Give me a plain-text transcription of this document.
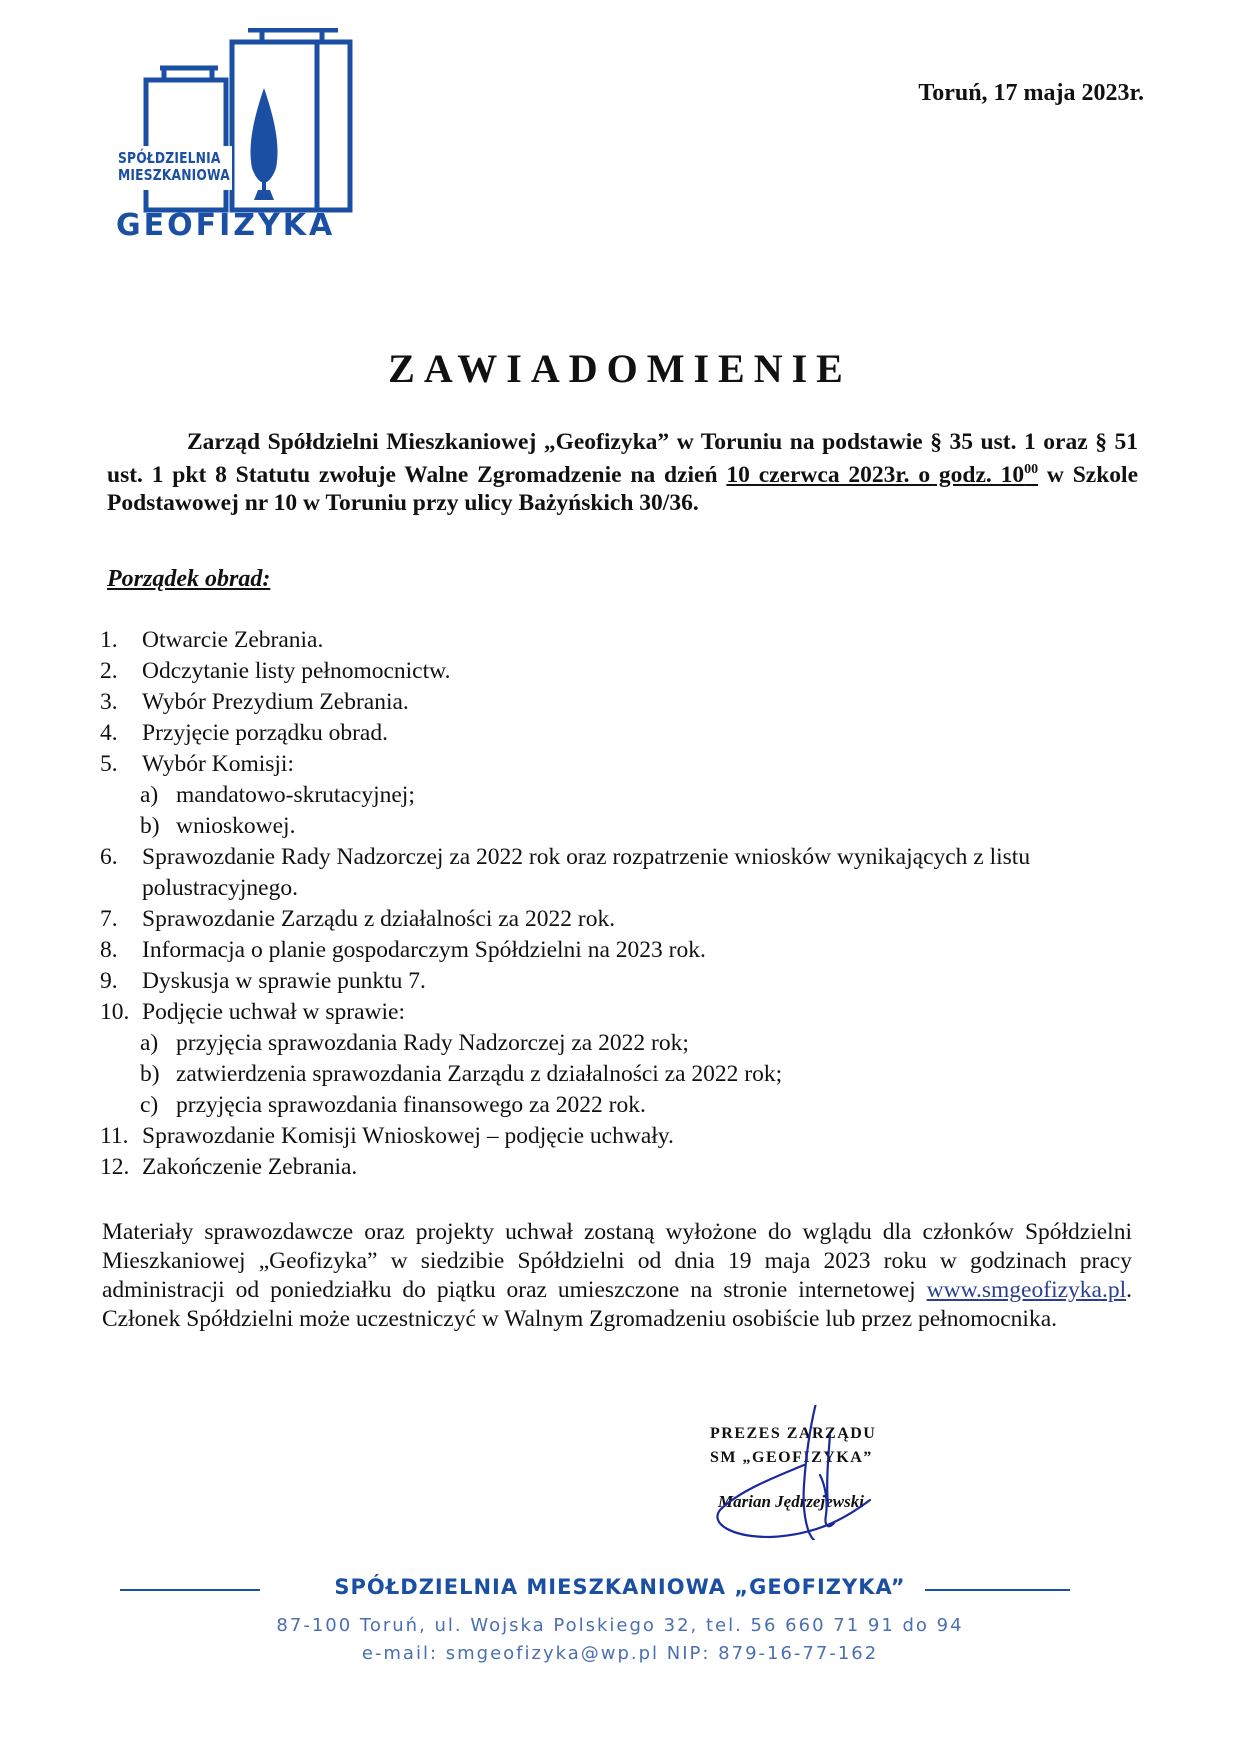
SPÓŁDZIELNIA
MIESZKANIOWA
GEOFIZYKA
Toruń, 17 maja 2023r.
ZAWIADOMIENIE

Zarząd Spółdzielni Mieszkaniowej „Geofizyka” w Toruniu na podstawie § 35 ust. 1 oraz § 51 ust. 1 pkt 8 Statutu zwołuje Walne Zgromadzenie na dzień 10 czerwca 2023r. o godz. $10^{00}$ w Szkole Podstawowej nr 10 w Toruniu przy ulicy Bażyńskich 30/36.

Porządek obrad:
1.	Otwarcie Zebrania.
2.	Odczytanie listy pełnomocnictw.
3.	Wybór Prezydium Zebrania.
4.	Przyjęcie porządku obrad.
5.	Wybór Komisji:
a) mandatowo-skrutacyjnej;
b) wnioskowej.
6.	Sprawozdanie Rady Nadzorczej za 2022 rok oraz rozpatrzenie wniosków wynikających z listu polustracyjnego.
7.	Sprawozdanie Zarządu z działalności za 2022 rok.
8.	Informacja o planie gospodarczym Spółdzielni na 2023 rok.
9.	Dyskusja w sprawie punktu 7.
10. Podjęcie uchwał w sprawie:
a) przyjęcia sprawozdania Rady Nadzorczej za 2022 rok;
b) zatwierdzenia sprawozdania Zarządu z działalności za 2022 rok;
c) przyjęcia sprawozdania finansowego za 2022 rok.
11. Sprawozdanie Komisji Wnioskowej – podjęcie uchwały.
12. Zakończenie Zebrania.

Materiały sprawozdawcze oraz projekty uchwał zostaną wyłożone do wglądu dla członków Spółdzielni Mieszkaniowej „Geofizyka” w siedzibie Spółdzielni od dnia 19 maja 2023 roku w godzinach pracy administracji od poniedziałku do piątku oraz umieszczone na stronie internetowej www.smgeofizyka.pl. Członek Spółdzielni może uczestniczyć w Walnym Zgromadzeniu osobiście lub przez pełnomocnika.

PREZES ZARZĄDU
SM „GEOFIZYKA”
Marian Jędrzejewski
SPÓŁDZIELNIA MIESZKANIOWA „GEOFIZYKA”
87-100 Toruń, ul. Wojska Polskiego 32, tel. 56 660 71 91 do 94
e-mail: smgeofizyka@wp.pl NIP: 879-16-77-162
